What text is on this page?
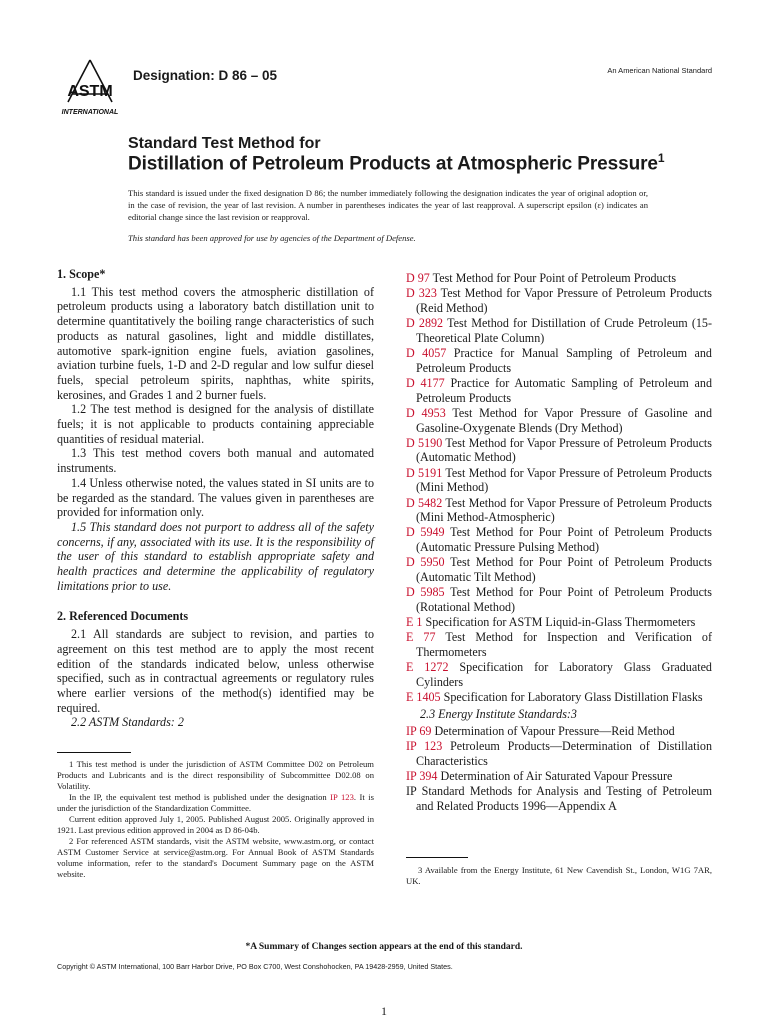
ASTM
INTERNATIONAL
Designation: D 86 – 05	An American National Standard
Standard Test Method for
Distillation of Petroleum Products at Atmospheric Pressure$^1$
This standard is issued under the fixed designation D 86; the number immediately following the designation indicates the year of original adoption or, in the case of revision, the year of last revision. A number in parentheses indicates the year of last reapproval. A superscript epsilon (ε) indicates an editorial change since the last revision or reapproval.
This standard has been approved for use by agencies of the Department of Defense.
1. Scope*

1.1 This test method covers the atmospheric distillation of petroleum products using a laboratory batch distillation unit to determine quantitatively the boiling range characteristics of such products as natural gasolines, light and middle distillates, automotive spark-ignition engine fuels, aviation gasolines, aviation turbine fuels, 1-D and 2-D regular and low sulfur diesel fuels, special petroleum spirits, naphthas, white spirits, kerosines, and Grades 1 and 2 burner fuels.

1.2 The test method is designed for the analysis of distillate fuels; it is not applicable to products containing appreciable quantities of residual material.

1.3 This test method covers both manual and automated instruments.

1.4 Unless otherwise noted, the values stated in SI units are to be regarded as the standard. The values given in parentheses are provided for information only.

1.5 This standard does not purport to address all of the safety concerns, if any, associated with its use. It is the responsibility of the user of this standard to establish appropriate safety and health practices and determine the applicability of regulatory limitations prior to use.

2. Referenced Documents

2.1 All standards are subject to revision, and parties to agreement on this test method are to apply the most recent edition of the standards indicated below, unless otherwise specified, such as in contractual agreements or regulatory rules where earlier versions of the method(s) identified may be required.

2.2 ASTM Standards: 2

D 97 Test Method for Pour Point of Petroleum Products

D 323 Test Method for Vapor Pressure of Petroleum Products (Reid Method)

D 2892 Test Method for Distillation of Crude Petroleum (15-Theoretical Plate Column)

D 4057 Practice for Manual Sampling of Petroleum and Petroleum Products

D 4177 Practice for Automatic Sampling of Petroleum and Petroleum Products

D 4953 Test Method for Vapor Pressure of Gasoline and Gasoline-Oxygenate Blends (Dry Method)

D 5190 Test Method for Vapor Pressure of Petroleum Products (Automatic Method)

D 5191 Test Method for Vapor Pressure of Petroleum Products (Mini Method)

D 5482 Test Method for Vapor Pressure of Petroleum Products (Mini Method-Atmospheric)

D 5949 Test Method for Pour Point of Petroleum Products (Automatic Pressure Pulsing Method)

D 5950 Test Method for Pour Point of Petroleum Products (Automatic Tilt Method)

D 5985 Test Method for Pour Point of Petroleum Products (Rotational Method)

E 1 Specification for ASTM Liquid-in-Glass Thermometers

E 77 Test Method for Inspection and Verification of Thermometers

E 1272 Specification for Laboratory Glass Graduated Cylinders

E 1405 Specification for Laboratory Glass Distillation Flasks

2.3 Energy Institute Standards:3

IP 69 Determination of Vapour Pressure—Reid Method

IP 123 Petroleum Products—Determination of Distillation Characteristics

IP 394 Determination of Air Saturated Vapour Pressure

IP Standard Methods for Analysis and Testing of Petroleum and Related Products 1996—Appendix A

1 This test method is under the jurisdiction of ASTM Committee D02 on Petroleum Products and Lubricants and is the direct responsibility of Subcommittee D02.08 on Volatility.

In the IP, the equivalent test method is published under the designation IP 123. It is under the jurisdiction of the Standardization Committee.

Current edition approved July 1, 2005. Published August 2005. Originally approved in 1921. Last previous edition approved in 2004 as D 86-04b.

2 For referenced ASTM standards, visit the ASTM website, www.astm.org, or contact ASTM Customer Service at service@astm.org. For Annual Book of ASTM Standards volume information, refer to the standard's Document Summary page on the ASTM website.	3 Available from the Energy Institute, 61 New Cavendish St., London, W1G 7AR, UK.

*A Summary of Changes section appears at the end of this standard.
Copyright © ASTM International, 100 Barr Harbor Drive, PO Box C700, West Conshohocken, PA 19428-2959, United States.
1
